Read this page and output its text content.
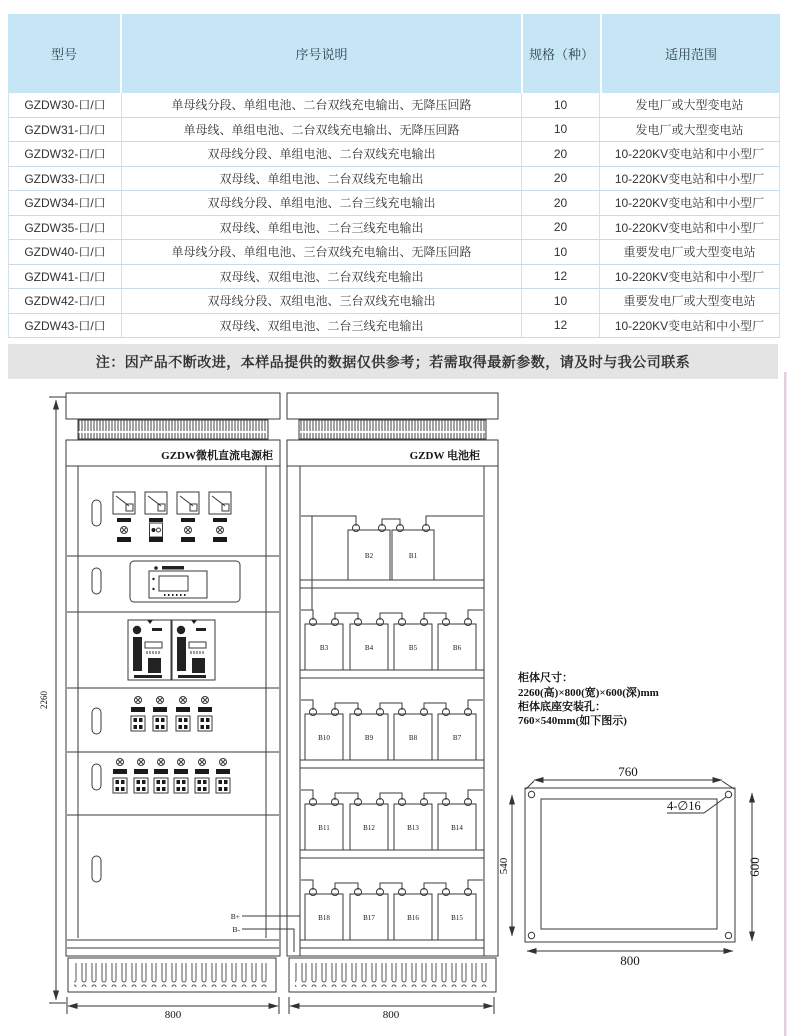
GZDW微机直流电源柜
B+
B-
GZDW 电池柜
B2	B1
B3	B4	B5	B6
B10	B9	B8	B7
B11	B12	B13	B14
B18	B17	B16	B15
2260
800	800
柜体尺寸：
2260(高)×800(宽)×600(深)mm
柜体底座安装孔：
760×540mm(如下图示)
760
800
540	600
4-∅16
型号	序号说明	规格（种）	适用范围
GZDW30-口/口	单母线分段、单组电池、二台双线充电输出、无降压回路	10	发电厂或大型变电站
GZDW31-口/口	单母线、单组电池、二台双线充电输出、无降压回路	10	发电厂或大型变电站
GZDW32-口/口	双母线分段、单组电池、二台双线充电输出	20	10-220KV变电站和中小型厂
GZDW33-口/口	双母线、单组电池、二台双线充电输出	20	10-220KV变电站和中小型厂
GZDW34-口/口	双母线分段、单组电池、二台三线充电输出	20	10-220KV变电站和中小型厂
GZDW35-口/口	双母线、单组电池、二台三线充电输出	20	10-220KV变电站和中小型厂
GZDW40-口/口	单母线分段、单组电池、三台双线充电输出、无降压回路	10	重要发电厂或大型变电站
GZDW41-口/口	双母线、双组电池、二台双线充电输出	12	10-220KV变电站和中小型厂
GZDW42-口/口	双母线分段、双组电池、三台双线充电输出	10	重要发电厂或大型变电站
GZDW43-口/口	双母线、双组电池、二台三线充电输出	12	10-220KV变电站和中小型厂
注：因产品不断改进，本样品提供的数据仅供参考；若需取得最新参数，请及时与我公司联系
